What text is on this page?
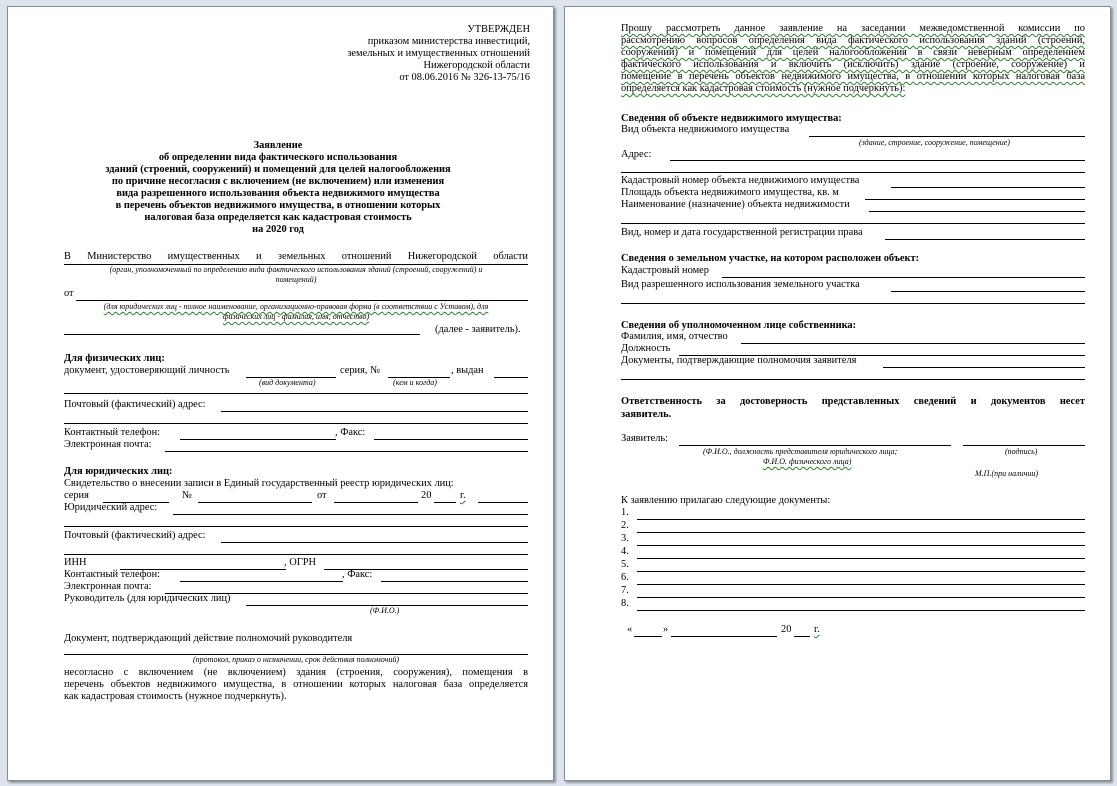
УТВЕРЖДЕН
приказом министерства инвестиций,
земельных и имущественных отношений
Нижегородской области
от 08.06.2016 № 326-13-75/16
Заявление
об определении вида фактического использования
зданий (строений, сооружений) и помещений для целей налогообложения
по причине несогласия с включением (не включением) или изменения
вида разрешенного использования объекта недвижимого имущества
в перечень объектов недвижимого имущества, в отношении которых
налоговая база определяется как кадастровая стоимость
на 2020 год
В Министерство имущественных и земельных отношений Нижегородской области
(орган, уполномоченный по определению вида фактического использования зданий (строений, сооружений) и
помещений)
от
(для юридических лиц - полное наименование, организационно-правовая форма (в соответствии с Уставом), для
физических лиц - фамилия, имя, отчество)
(далее - заявитель).
Для физических лиц:
документ, удостоверяющий личность	серия, №	, выдан
(вид документа)	(кем и когда)
Почтовый (фактический) адрес:
Контактный телефон:	, Факс:
Электронная почта:
Для юридических лиц:
Свидетельство о внесении записи в Единый государственный реестр юридических лиц:
серия	№	от	20	г.
Юридический адрес:
Почтовый (фактический) адрес:
ИНН	, ОГРН
Контактный телефон:	, Факс:
Электронная почта:
Руководитель (для юридических лиц)
(Ф.И.О.)
Документ, подтверждающий действие полномочий руководителя
(протокол, приказ о назначении, срок действия полномочий)
несогласно с включением (не включением) здания (строения, сооружения), помещения в
перечень объектов недвижимого имущества, в отношении которых налоговая база определяется
как кадастровая стоимость (нужное подчеркнуть).
Прошу рассмотреть данное заявление на заседании межведомственной комиссии по
рассмотрению вопросов определения вида фактического использования зданий (строений,
сооружений) и помещений для целей налогообложения в связи неверным определением
фактического использования и включить (исключить) здание (строение, сооружение) и
помещение в перечень объектов недвижимого имущества, в отношении которых налоговая база
определяется как кадастровая стоимость (нужное подчеркнуть):
Сведения об объекте недвижимого имущества:
Вид объекта недвижимого имущества
(здание, строение, сооружение, помещение)
Адрес:
Кадастровый номер объекта недвижимого имущества
Площадь объекта недвижимого имущества, кв. м
Наименование (назначение) объекта недвижимости
Вид, номер и дата государственной регистрации права
Сведения о земельном участке, на котором расположен объект:
Кадастровый номер
Вид разрешенного использования земельного участка
Сведения об уполномоченном лице собственника:
Фамилия, имя, отчество
Должность
Документы, подтверждающие полномочия заявителя
Ответственность за достоверность представленных сведений и документов несет
заявитель.
Заявитель:
(Ф.И.О., должность представителя юридического лица;
Ф.И.О. физического лица)
(подпись)
М.П.(при наличии)
К заявлению прилагаю следующие документы:
1.
2.
3.
4.
5.
6.
7.
8.
«	»	20 г.
